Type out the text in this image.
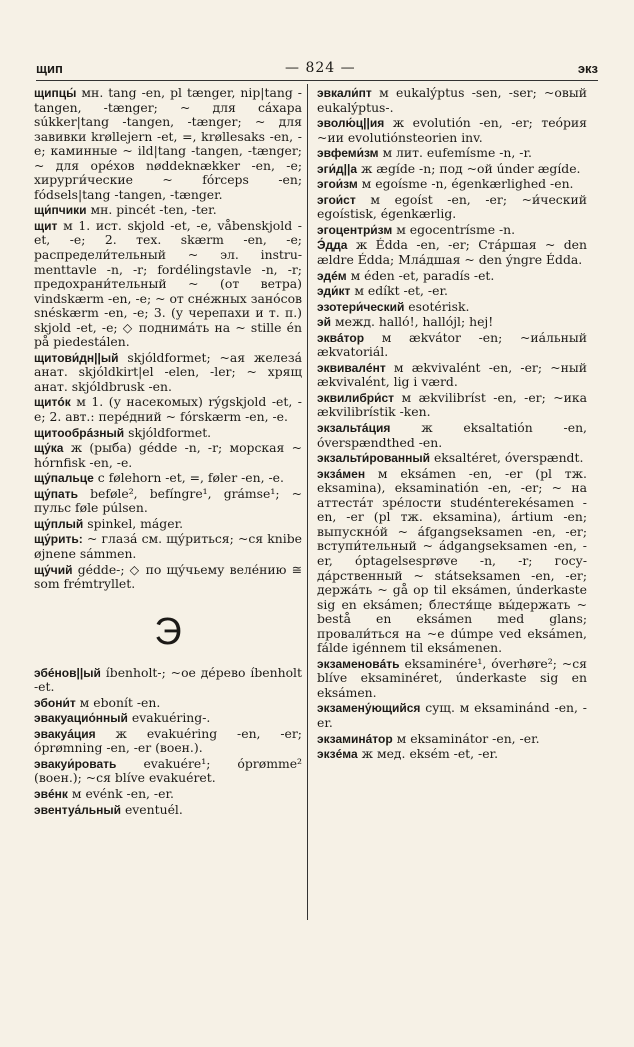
щип	— 824 —	экз
щипцы́ мн. tang -en, pl tænger, nip|tang -tangen, -tænger; ~ для сáхара súkker|tang -tangen, -tænger; ~ для завивки krøllejern -et, =, krøllesaks -en, -e; каминные ~ ild|tang -tangen, -tænger; ~ для орéхов nøddeknækker -en, -e; хирурги́ческие ~ fórceps -en; fódsels|tang -tangen, -tænger.
щи́пчики мн. pincét -ten, -ter.
щит м 1. ист. skjold -et, -e, våbenskjold -et, -e; 2. тех. skærm -en, -e; распредели́тельный ~ эл. instrumenttavle -n, -r; fordélingstavle -n, -r; предохрани́тельный ~ (от ветра) vindskærm -en, -e; ~ от снéжных занóсов snéskærm -en, -e; 3. (у черепахи и т. п.) skjold -et, -e; ◇ поднимáть на ~ stille én på piedestálen.
щитови́дн||ый skjóldformet; ~ая железá анат. skjóldkirt|el -elen, -ler; ~ хрящ анат. skjóldbrusk -en.
щитóк м 1. (у насекомых) rýgskjold -et, -e; 2. авт.: пере́дний ~ fórskærm -en, -e.
щитообрáзный skjóldformet.
щу́ка ж (рыба) gédde -n, -r; морская ~ hórnfisk -en, -e.
щу́пальце с følehorn -et, =, føler -en, -e.
щу́пать beføle², befíngre¹, grámse¹; ~ пульс føle púlsen.
щу́плый spinkel, máger.
щу́рить: ~ глазá см. щу́риться; ~ся knibe øjnene sámmen.
щу́чий gédde-; ◇ по щу́чьему веле́нию ≅ som frémtryllet.
Э
эбéнов||ый íbenholt-; ~ое дéрево íbenholt -et.
эбони́т м ebonít -en.
эвакуацио́нный evakuéring-.
эвакуáция ж evakuéring -en, -er; óprømning -en, -er (воен.).
эвакуи́ровать evakuére¹; óprømme² (воен.); ~ся blíve evakuéret.
эвéнк м evénk -en, -er.
эвентуа́льный eventuél.
эвкали́пт м eukalýptus -sen, -ser; ~овый eukalýptus-.
эволю́ц||ия ж evolutión -en, -er; теóрия ~ии evolutiónsteorien inv.
эвфеми́зм м лит. eufemísme -n, -r.
эги́д||а ж ægíde -n; под ~ой únder ægíde.
эгои́зм м egoísme -n, égenkærlighed -en.
эгои́ст м egoíst -en, -er; ~и́ческий egoístisk, égenkærlig.
эгоцентри́зм м egocentrísme -n.
Э́дда ж Édda -en, -er; Стáршая ~ den ældre Édda; Млáдшая ~ den ýngre Édda.
эдéм м éden -et, paradís -et.
эди́кт м edíkt -et, -er.
эзотери́ческий esotérisk.
эй межд. halló!, hallójl; hej!
эквáтор м ækvátor -en; ~иáльный ækvatoriál.
эквивалéнт м ækvivalént -en, -er; ~ный ækvivalént, lig i værd.
эквилибри́ст м ækvilibríst -en, -er; ~ика ækvilibrístik -ken.
экзальтáция ж eksaltatión -en, óverspændthed -en.
экзальти́рованный eksaltéret, óverspændt.
экзáмен м eksámen -en, -er (pl тж. eksamina), eksaminatión -en, -er; ~ на аттестáт зрéлости studénterekésamen -en, -er (pl тж. eksamina), ártium -en; выпускнóй ~ áfgangseksamen -en, -er; вступи́тельный ~ ádgangseksamen -en, -er, óptagelsesprøve -n, -r; госудáрственный ~ státseksamen -en, -er; держáть ~ gå op til eksámen, únderkaste sig en eksámen; блестя́ще вы́держать ~ bestå en eksámen med glans; провали́ться на ~е dúmpe ved eksámen, fálde igénnem til eksámenen.
экзаменовáть eksaminére¹, óverhøre²; ~ся blíve eksaminéret, únderkaste sig en eksámen.
экзамену́ющийся сущ. м eksaminánd -en, -er.
экзаминáтор м eksaminátor -en, -er.
экзéма ж мед. eksém -et, -er.
